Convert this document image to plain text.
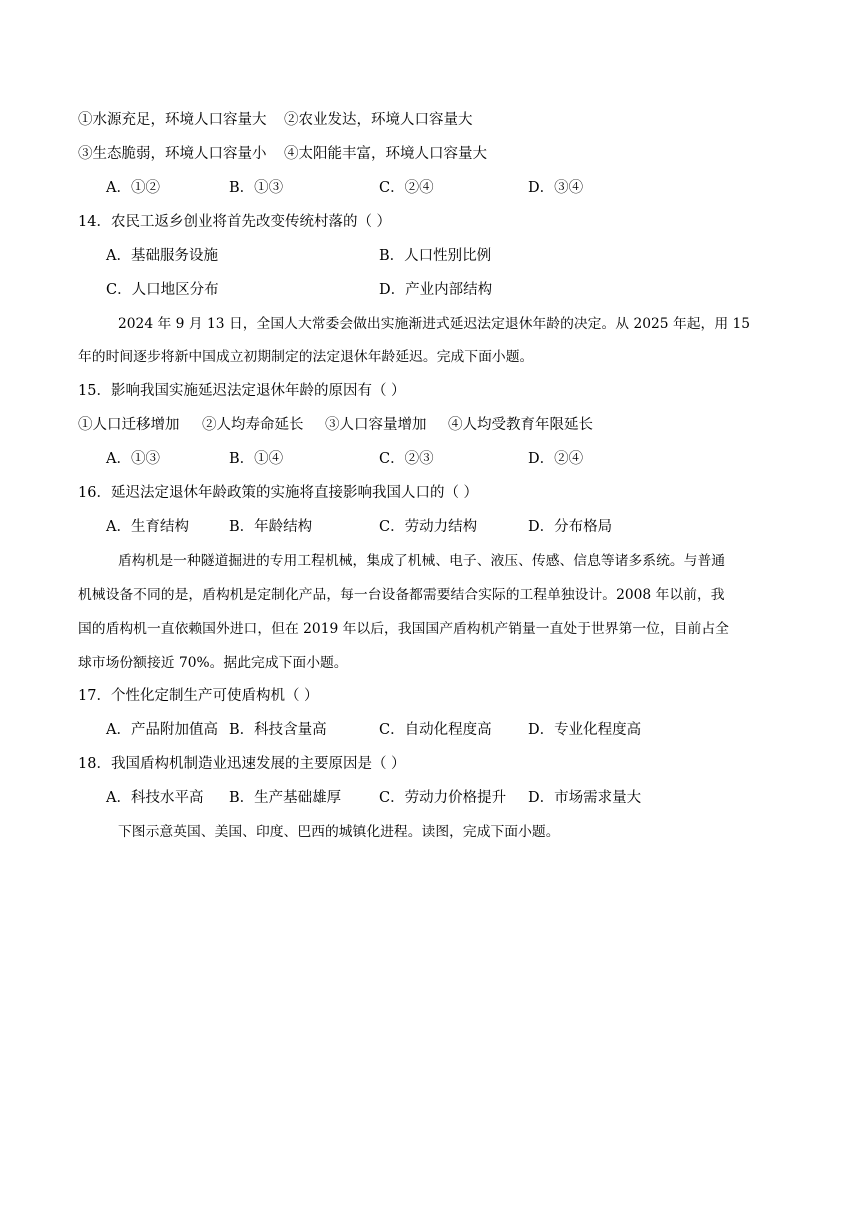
①水源充足，环境人口容量大 ②农业发达，环境人口容量大
③生态脆弱，环境人口容量小 ④太阳能丰富，环境人口容量大
A．①②	B．①③	C．②④	D．③④
14．农民工返乡创业将首先改变传统村落的（ ）
A．基础服务设施	B．人口性别比例
C．人口地区分布	D．产业内部结构
2024 年 9 月 13 日，全国人大常委会做出实施渐进式延迟法定退休年龄的决定。从 2025 年起，用 15
年的时间逐步将新中国成立初期制定的法定退休年龄延迟。完成下面小题。
15．影响我国实施延迟法定退休年龄的原因有（ ）
①人口迁移增加 ②人均寿命延长 ③人口容量增加 ④人均受教育年限延长
A．①③	B．①④	C．②③	D．②④
16．延迟法定退休年龄政策的实施将直接影响我国人口的（ ）
A．生育结构	B．年龄结构	C．劳动力结构	D．分布格局
盾构机是一种隧道掘进的专用工程机械，集成了机械、电子、液压、传感、信息等诸多系统。与普通
机械设备不同的是，盾构机是定制化产品，每一台设备都需要结合实际的工程单独设计。2008 年以前，我
国的盾构机一直依赖国外进口，但在 2019 年以后，我国国产盾构机产销量一直处于世界第一位，目前占全
球市场份额接近 70%。据此完成下面小题。
17．个性化定制生产可使盾构机（ ）
A．产品附加值高 B．科技含量高	C．自动化程度高	D．专业化程度高
18．我国盾构机制造业迅速发展的主要原因是（ ）
A．科技水平高 B．生产基础雄厚	C．劳动力价格提升 D．市场需求量大
下图示意英国、美国、印度、巴西的城镇化进程。读图，完成下面小题。
